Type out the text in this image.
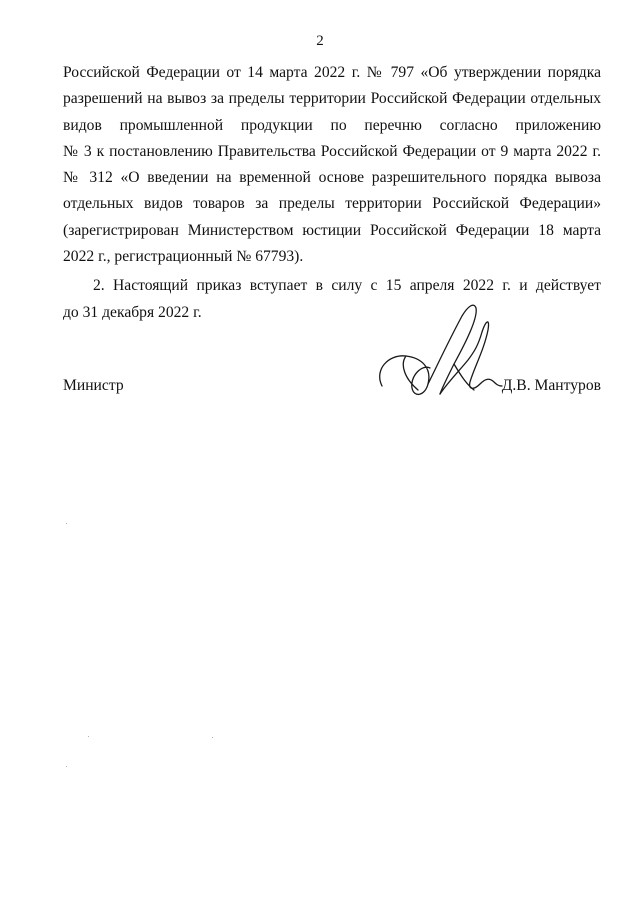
2
Российской Федерации от 14 марта 2022 г. № 797 «Об утверждении порядка
разрешений на вывоз за пределы территории Российской Федерации отдельных
видов промышленной продукции по перечню согласно приложению
№ 3 к постановлению Правительства Российской Федерации от 9 марта 2022 г.
№ 312 «О введении на временной основе разрешительного порядка вывоза
отдельных видов товаров за пределы территории Российской Федерации»
(зарегистрирован Министерством юстиции Российской Федерации 18 марта
2022 г., регистрационный № 67793).
2. Настоящий приказ вступает в силу с 15 апреля 2022 г. и действует
до 31 декабря 2022 г.
Министр	Д.В. Мантуров
